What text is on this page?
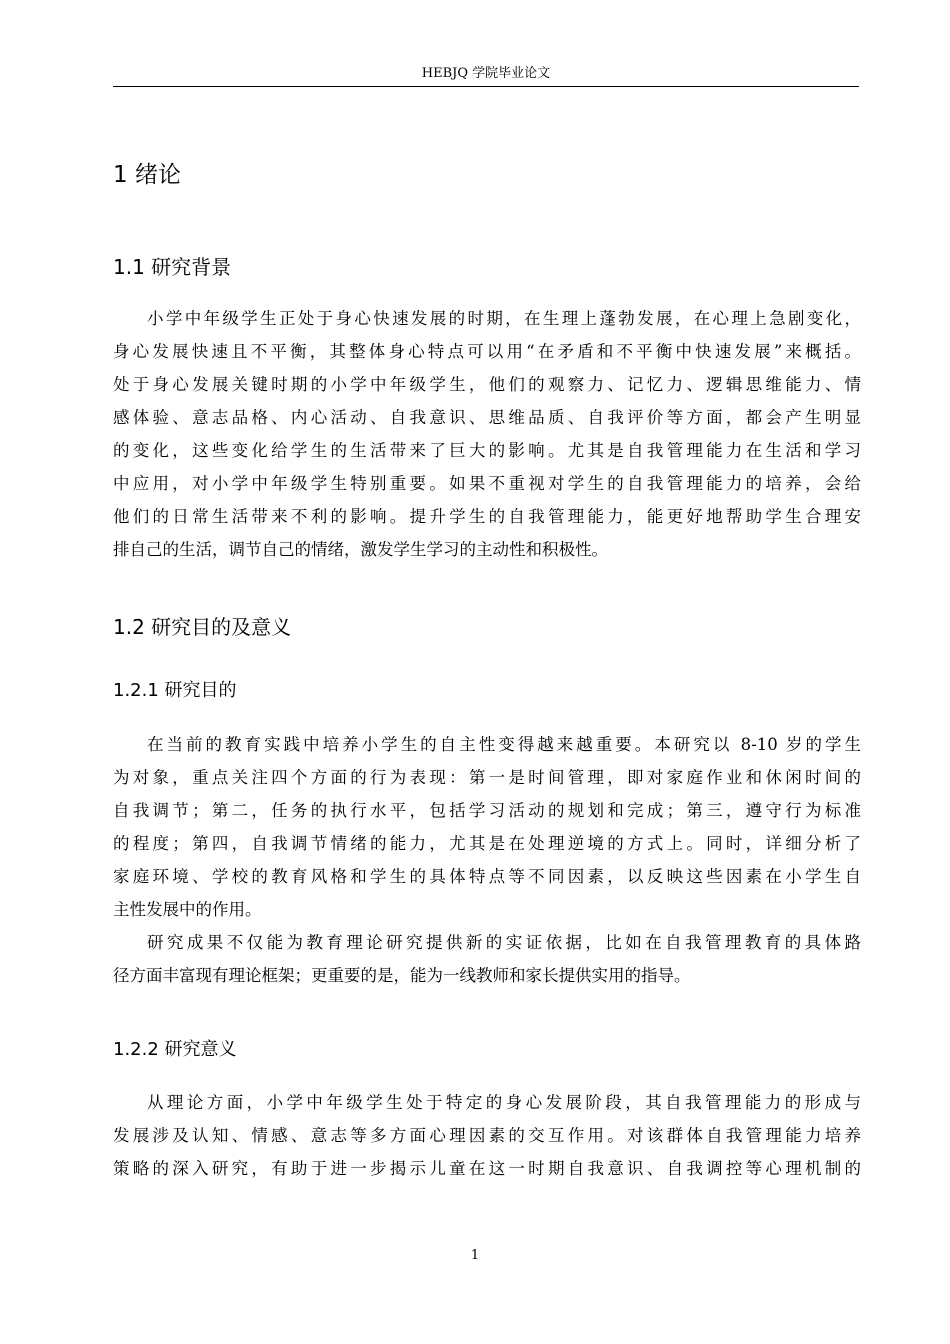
HEBJQ 学院毕业论文
1 绪论
1.1 研究背景
小学中年级学生正处于身心快速发展的时期，在生理上蓬勃发展，在心理上急剧变化，
身心发展快速且不平衡，其整体身心特点可以用“在矛盾和不平衡中快速发展”来概括。
处于身心发展关键时期的小学中年级学生，他们的观察力、记忆力、逻辑思维能力、情
感体验、意志品格、内心活动、自我意识、思维品质、自我评价等方面，都会产生明显
的变化，这些变化给学生的生活带来了巨大的影响。尤其是自我管理能力在生活和学习
中应用，对小学中年级学生特别重要。如果不重视对学生的自我管理能力的培养，会给
他们的日常生活带来不利的影响。提升学生的自我管理能力，能更好地帮助学生合理安
排自己的生活，调节自己的情绪，激发学生学习的主动性和积极性。
1.2 研究目的及意义
1.2.1 研究目的
在当前的教育实践中培养小学生的自主性变得越来越重要。本研究以 8-10 岁的学生
为对象，重点关注四个方面的行为表现：第一是时间管理，即对家庭作业和休闲时间的
自我调节；第二，任务的执行水平，包括学习活动的规划和完成；第三，遵守行为标准
的程度；第四，自我调节情绪的能力，尤其是在处理逆境的方式上。同时，详细分析了
家庭环境、学校的教育风格和学生的具体特点等不同因素，以反映这些因素在小学生自
主性发展中的作用。
研究成果不仅能为教育理论研究提供新的实证依据，比如在自我管理教育的具体路
径方面丰富现有理论框架；更重要的是，能为一线教师和家长提供实用的指导。
1.2.2 研究意义
从理论方面，小学中年级学生处于特定的身心发展阶段，其自我管理能力的形成与
发展涉及认知、情感、意志等多方面心理因素的交互作用。对该群体自我管理能力培养
策略的深入研究，有助于进一步揭示儿童在这一时期自我意识、自我调控等心理机制的
1
